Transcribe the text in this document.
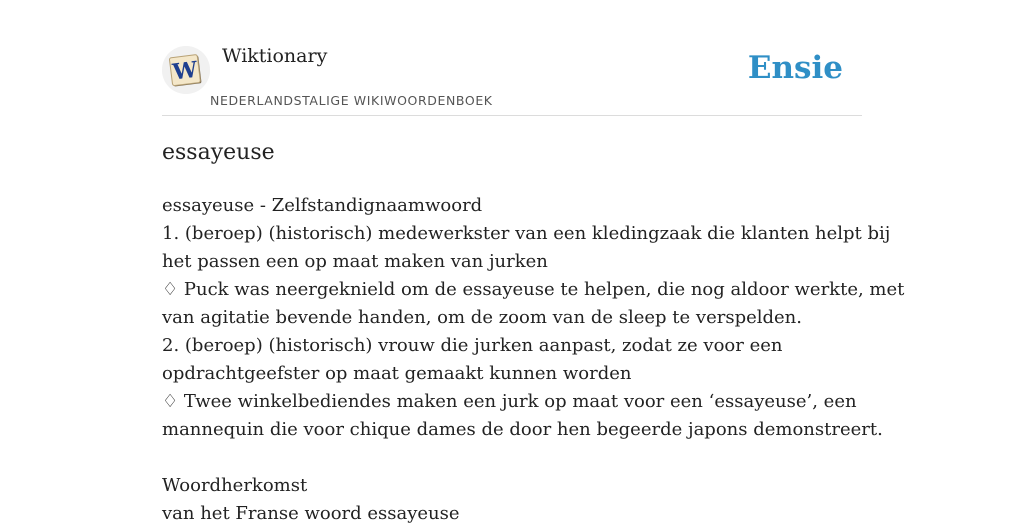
W
Wiktionary
NEDERLANDSTALIGE WIKIWOORDENBOEK
Ensie
essayeuse
essayeuse - Zelfstandignaamwoord
1. (beroep) (historisch) medewerkster van een kledingzaak die klanten helpt bij
het passen een op maat maken van jurken
♢ Puck was neergeknield om de essayeuse te helpen, die nog aldoor werkte, met
van agitatie bevende handen, om de zoom van de sleep te verspelden.
2. (beroep) (historisch) vrouw die jurken aanpast, zodat ze voor een
opdrachtgeefster op maat gemaakt kunnen worden
♢ Twee winkelbediendes maken een jurk op maat voor een ‘essayeuse’, een
mannequin die voor chique dames de door hen begeerde japons demonstreert.
Woordherkomst
van het Franse woord essayeuse
